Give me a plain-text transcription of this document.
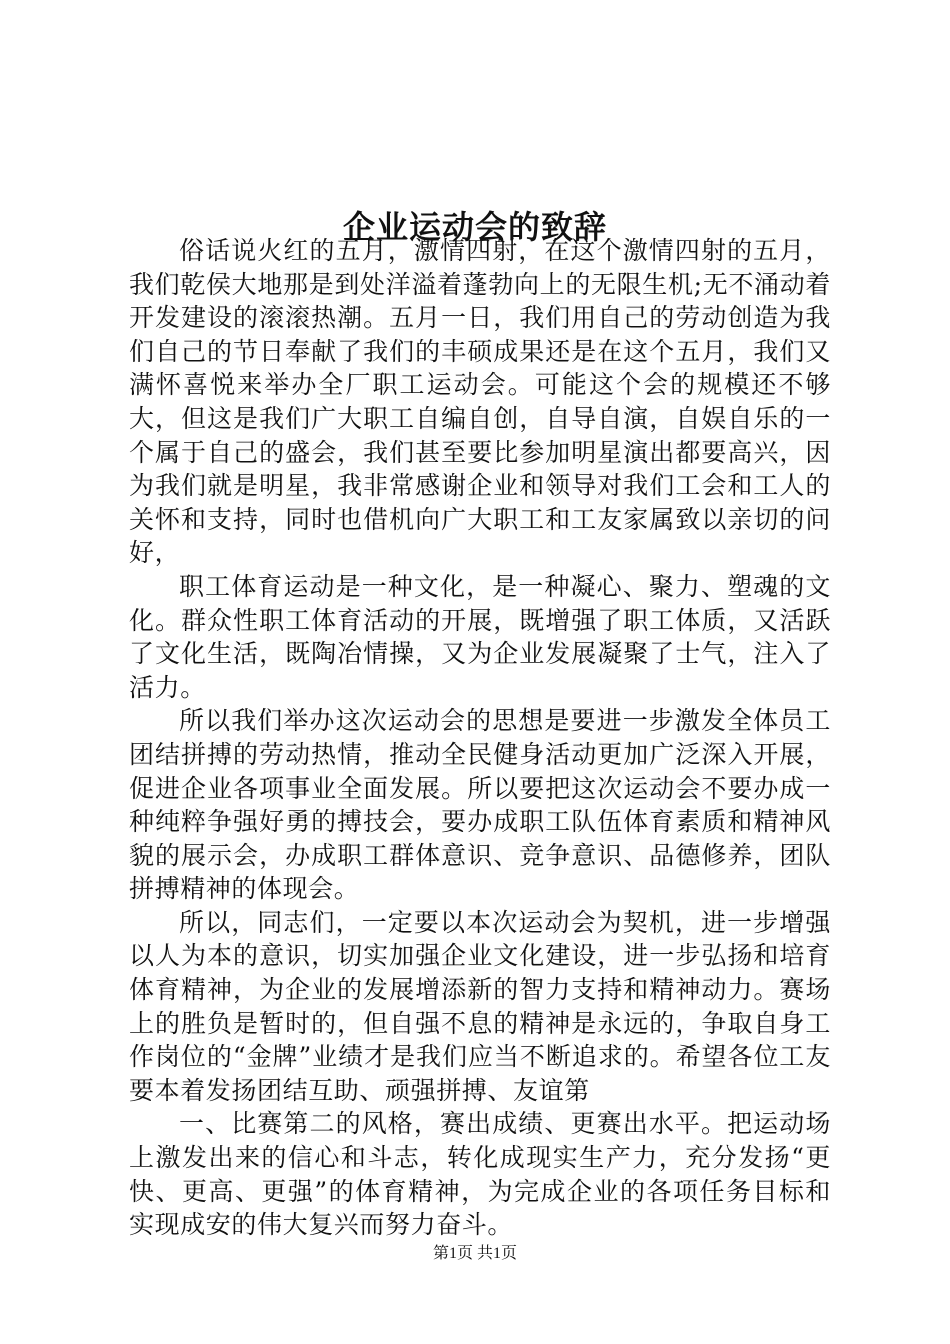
企业运动会的致辞

俗话说火红的五月，激情四射，在这个激情四射的五月，我们乾侯大地那是到处洋溢着蓬勃向上的无限生机;无不涌动着开发建设的滚滚热潮。五月一日，我们用自己的劳动创造为我们自己的节日奉献了我们的丰硕成果还是在这个五月，我们又满怀喜悦来举办全厂职工运动会。可能这个会的规模还不够大，但这是我们广大职工自编自创，自导自演，自娱自乐的一个属于自己的盛会，我们甚至要比参加明星演出都要高兴，因为我们就是明星，我非常感谢企业和领导对我们工会和工人的关怀和支持，同时也借机向广大职工和工友家属致以亲切的问好，

职工体育运动是一种文化，是一种凝心、聚力、塑魂的文化。群众性职工体育活动的开展，既增强了职工体质，又活跃了文化生活，既陶冶情操，又为企业发展凝聚了士气，注入了活力。

所以我们举办这次运动会的思想是要进一步激发全体员工团结拼搏的劳动热情，推动全民健身活动更加广泛深入开展，促进企业各项事业全面发展。所以要把这次运动会不要办成一种纯粹争强好勇的搏技会，要办成职工队伍体育素质和精神风貌的展示会，办成职工群体意识、竞争意识、品德修养，团队拼搏精神的体现会。

所以，同志们，一定要以本次运动会为契机，进一步增强以人为本的意识，切实加强企业文化建设，进一步弘扬和培育体育精神，为企业的发展增添新的智力支持和精神动力。赛场上的胜负是暂时的，但自强不息的精神是永远的，争取自身工作岗位的“金牌”业绩才是我们应当不断追求的。希望各位工友要本着发扬团结互助、顽强拼搏、友谊第

一、比赛第二的风格，赛出成绩、更赛出水平。把运动场上激发出来的信心和斗志，转化成现实生产力，充分发扬“更快、更高、更强”的体育精神，为完成企业的各项任务目标和实现成安的伟大复兴而努力奋斗。

第1页 共1页
